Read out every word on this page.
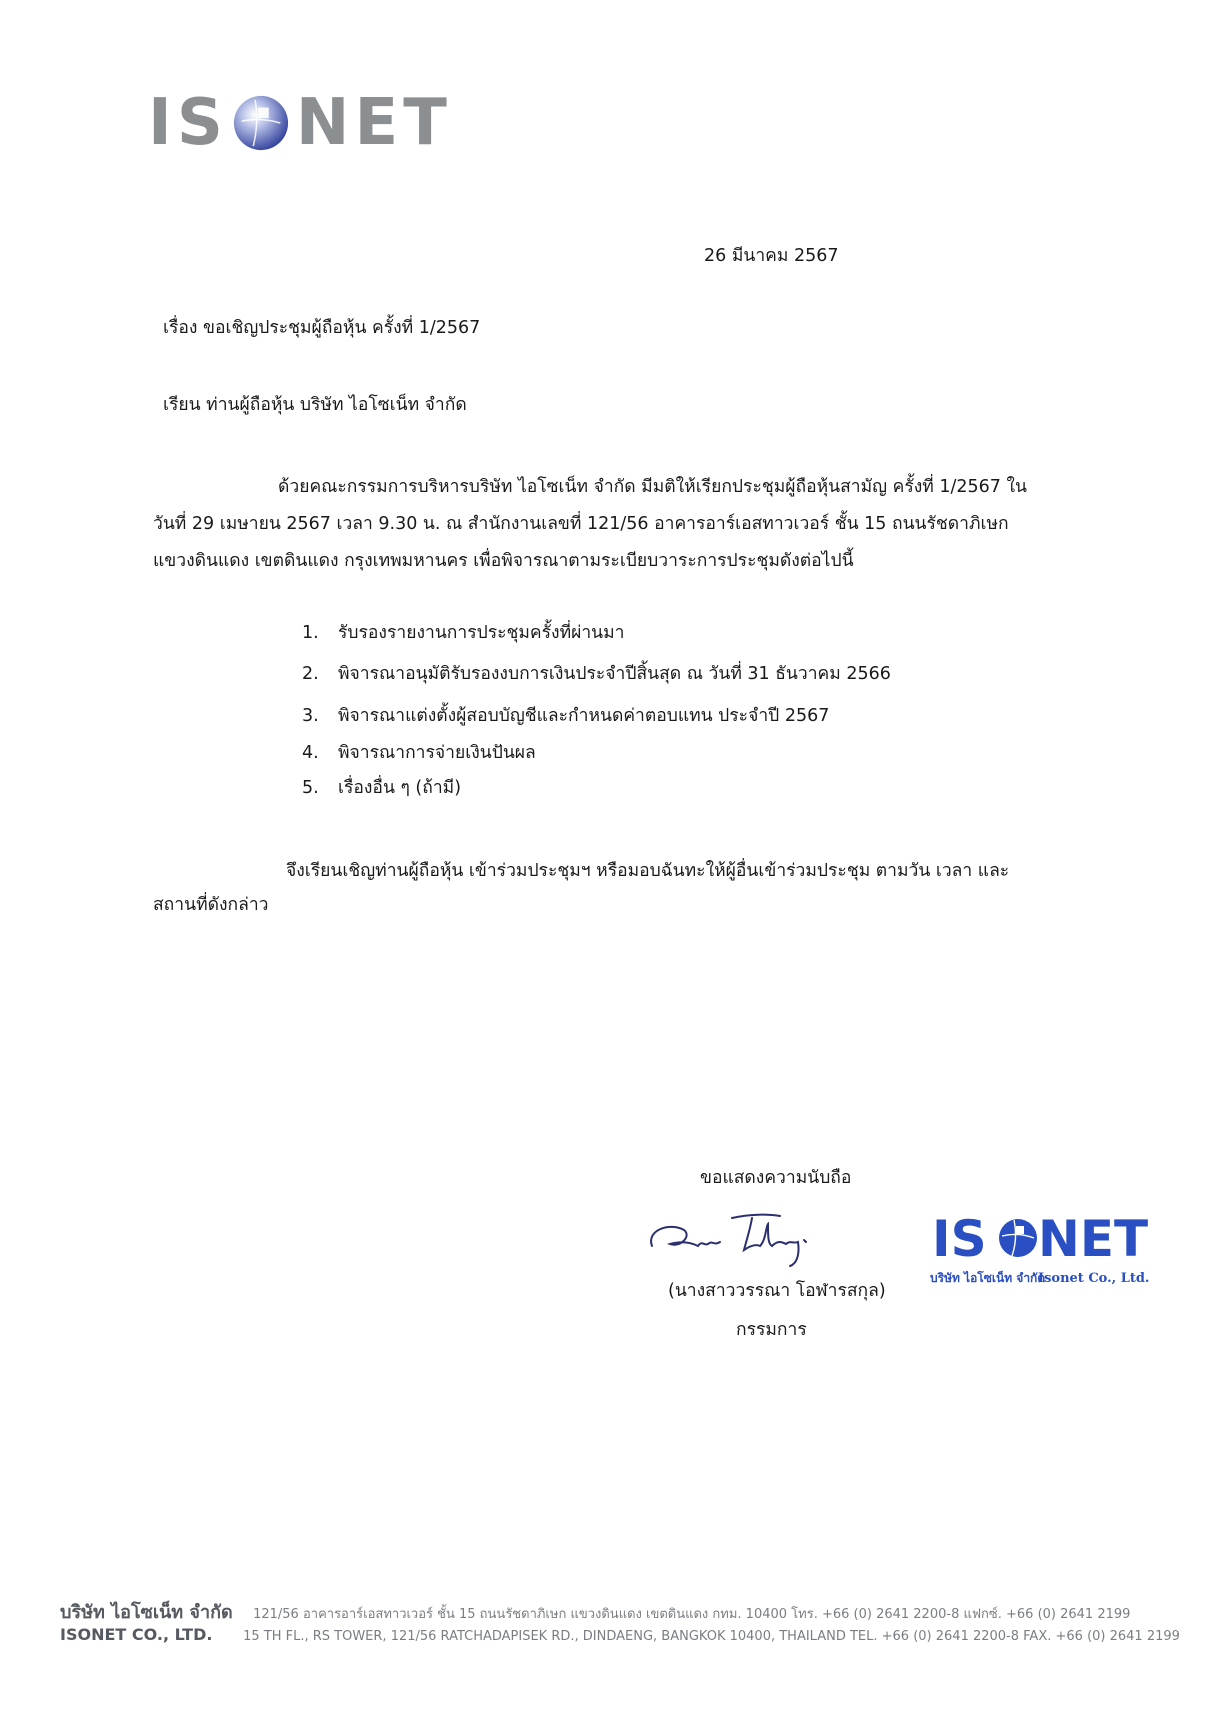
IS NET
26 มีนาคม 2567
เรื่อง ขอเชิญประชุมผู้ถือหุ้น ครั้งที่ 1/2567
เรียน ท่านผู้ถือหุ้น บริษัท ไอโซเน็ท จำกัด
ด้วยคณะกรรมการบริหารบริษัท ไอโซเน็ท จำกัด มีมติให้เรียกประชุมผู้ถือหุ้นสามัญ ครั้งที่ 1/2567 ใน
วันที่ 29 เมษายน 2567 เวลา 9.30 น. ณ สำนักงานเลขที่ 121/56 อาคารอาร์เอสทาวเวอร์ ชั้น 15 ถนนรัชดาภิเษก
แขวงดินแดง เขตดินแดง กรุงเทพมหานคร เพื่อพิจารณาตามระเบียบวาระการประชุมดังต่อไปนี้
1.	รับรองรายงานการประชุมครั้งที่ผ่านมา
2.	พิจารณาอนุมัติรับรองงบการเงินประจำปีสิ้นสุด ณ วันที่ 31 ธันวาคม 2566
3.	พิจารณาแต่งตั้งผู้สอบบัญชีและกำหนดค่าตอบแทน ประจำปี 2567
4.	พิจารณาการจ่ายเงินปันผล
5.	เรื่องอื่น ๆ (ถ้ามี)
จึงเรียนเชิญท่านผู้ถือหุ้น เข้าร่วมประชุมฯ หรือมอบฉันทะให้ผู้อื่นเข้าร่วมประชุม ตามวัน เวลา และ
สถานที่ดังกล่าว
ขอแสดงความนับถือ
(นางสาววรรณา โอฬารสกุล)
กรรมการ
IS NET
บริษัท ไอโซเน็ท จำกัด
Isonet Co., Ltd.
บริษัท ไอโซเน็ท จำกัด 121/56 อาคารอาร์เอสทาวเวอร์ ชั้น 15 ถนนรัชดาภิเษก แขวงดินแดง เขตดินแดง กทม. 10400 โทร. +66 (0) 2641 2200-8 แฟกซ์. +66 (0) 2641 2199
ISONET CO., LTD. 15 TH FL., RS TOWER, 121/56 RATCHADAPISEK RD., DINDAENG, BANGKOK 10400, THAILAND TEL. +66 (0) 2641 2200-8 FAX. +66 (0) 2641 2199
